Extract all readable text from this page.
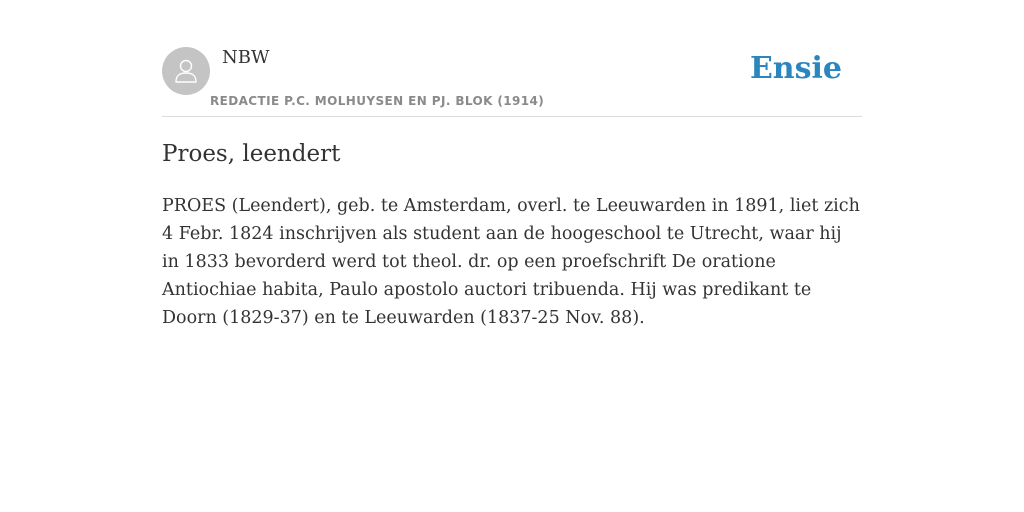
NBW
REDACTIE P.C. MOLHUYSEN EN PJ. BLOK (1914)
Ensie
Proes, leendert

PROES (Leendert), geb. te Amsterdam, overl. te Leeuwarden in 1891, liet zich 4 Febr. 1824 inschrijven als student aan de hoogeschool te Utrecht, waar hij in 1833 bevorderd werd tot theol. dr. op een proefschrift De oratione Antiochiae habita, Paulo apostolo auctori tribuenda. Hij was predikant te Doorn (1829-37) en te Leeuwarden (1837-25 Nov. 88).
